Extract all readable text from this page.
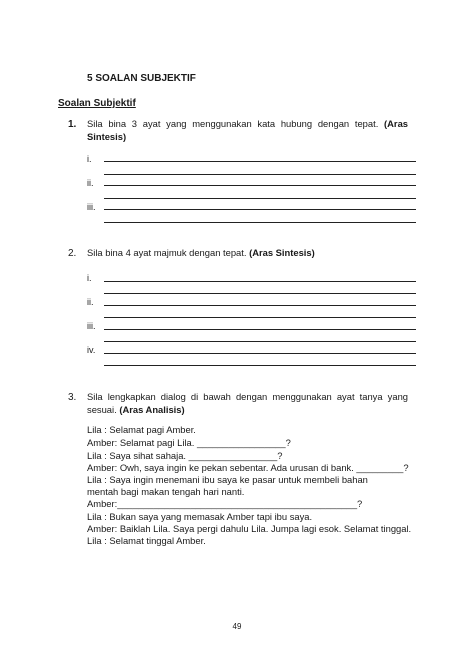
5 SOALAN SUBJEKTIF
Soalan Subjektif
1. Sila bina 3 ayat yang menggunakan kata hubung dengan tepat. (Aras Sintesis)
i.
ii.
iii.
2. Sila bina 4 ayat majmuk dengan tepat. (Aras Sintesis)
i.
ii.
iii.
iv.
3. Sila lengkapkan dialog di bawah dengan menggunakan ayat tanya yang sesuai. (Aras Analisis)
Lila : Selamat pagi Amber.
Amber: Selamat pagi Lila. _________________?
Lila : Saya sihat sahaja. _________________?
Amber: Owh, saya ingin ke pekan sebentar. Ada urusan di bank. _________?
Lila : Saya ingin menemani ibu saya ke pasar untuk membeli bahan
mentah bagi makan tengah hari nanti.
Amber:______________________________________________?
Lila : Bukan saya yang memasak Amber tapi ibu saya.
Amber: Baiklah Lila. Saya pergi dahulu Lila. Jumpa lagi esok. Selamat tinggal.
Lila : Selamat tinggal Amber.
49
